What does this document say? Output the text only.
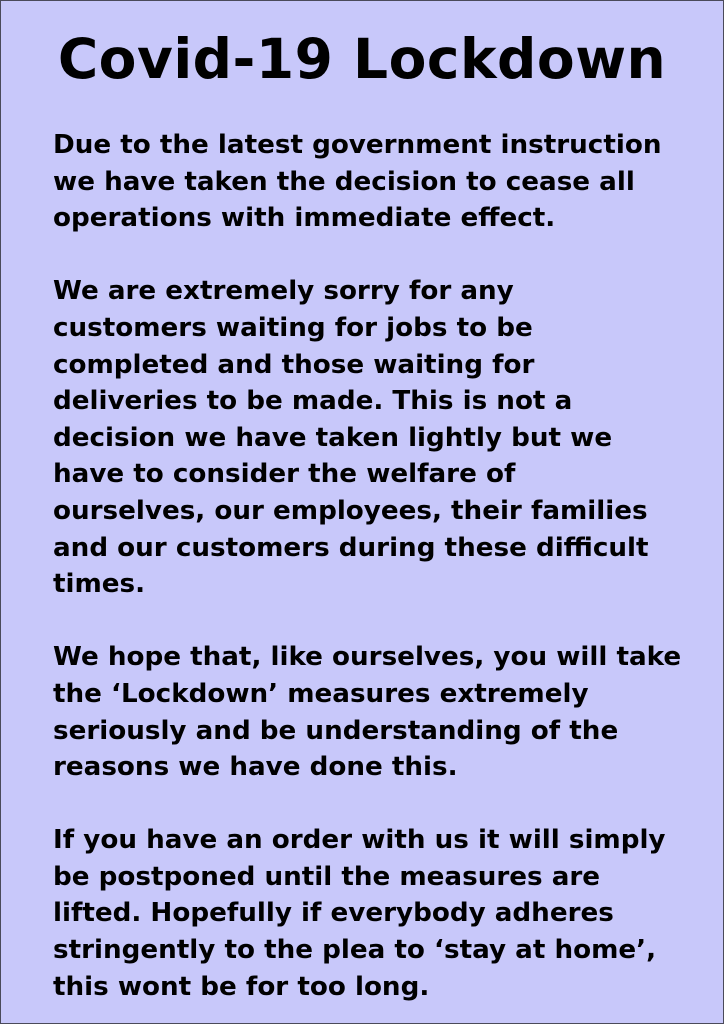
Covid-19 Lockdown

Due to the latest government instruction
we have taken the decision to cease all
operations with immediate effect.

We are extremely sorry for any
customers waiting for jobs to be
completed and those waiting for
deliveries to be made. This is not a
decision we have taken lightly but we
have to consider the welfare of
ourselves, our employees, their families
and our customers during these difficult
times.

We hope that, like ourselves, you will take
the ‘Lockdown’ measures extremely
seriously and be understanding of the
reasons we have done this.

If you have an order with us it will simply
be postponed until the measures are
lifted. Hopefully if everybody adheres
stringently to the plea to ‘stay at home’,
this wont be for too long.
